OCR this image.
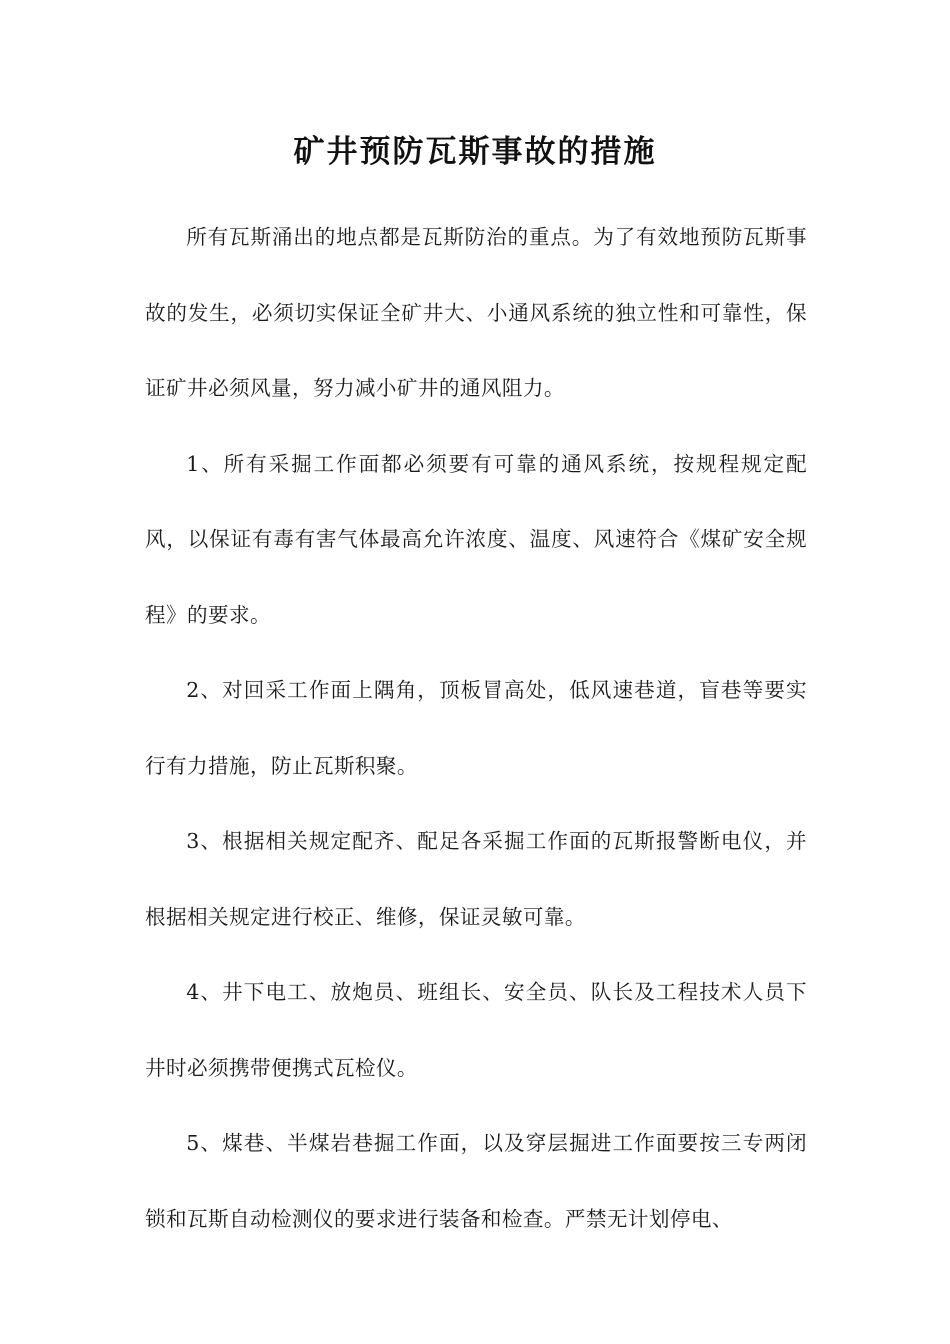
矿井预防瓦斯事故的措施

所有瓦斯涌出的地点都是瓦斯防治的重点。为了有效地预防瓦斯事故的发生，必须切实保证全矿井大、小通风系统的独立性和可靠性，保证矿井必须风量，努力减小矿井的通风阻力。

1、所有采掘工作面都必须要有可靠的通风系统，按规程规定配风，以保证有毒有害气体最高允许浓度、温度、风速符合《煤矿安全规程》的要求。

2、对回采工作面上隅角，顶板冒高处，低风速巷道，盲巷等要实行有力措施，防止瓦斯积聚。

3、根据相关规定配齐、配足各采掘工作面的瓦斯报警断电仪，并根据相关规定进行校正、维修，保证灵敏可靠。

4、井下电工、放炮员、班组长、安全员、队长及工程技术人员下井时必须携带便携式瓦检仪。

5、煤巷、半煤岩巷掘工作面，以及穿层掘进工作面要按三专两闭锁和瓦斯自动检测仪的要求进行装备和检查。严禁无计划停电、
